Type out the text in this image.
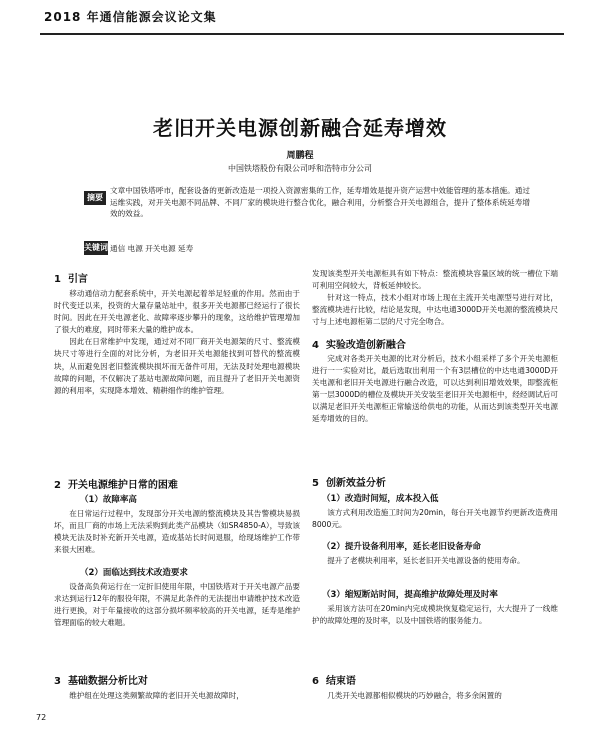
2018 年通信能源会议论文集
老旧开关电源创新融合延寿增效
周鹏程
中国铁塔股份有限公司呼和浩特市分公司
摘要
文章中国铁塔呼市，配套设备的更新改造是一项投入资源密集的工作，延寿增效是提升资产运营中效能管理的基本措施。通过运维实践，对开关电源不同品牌、不同厂家的模块进行整合优化，融合利用，分析整合开关电源组合，提升了整体系统延寿增效的效益。
关键词 通信 电源 开关电源 延寿
1 引言

移动通信动力配套系统中，开关电源起着举足轻重的作用。然而由于时代变迁以来，投资的大量存量站址中，很多开关电源都已经运行了很长时间。因此在开关电源老化、故障率逐步攀升的现象，这给维护管理增加了很大的难度，同时带来大量的维护成本。

因此在日常维护中发现，通过对不同厂商开关电源架的尺寸、整流模块尺寸等进行全面的对比分析，为老旧开关电源能找到可替代的整流模块，从而避免因老旧整流模块损坏而无备件可用，无法及时处理电源模块故障的问题，不仅解决了基站电源故障问题，而且提升了老旧开关电源资源的利用率，实现降本增效、精耕细作的维护管理。

2 开关电源维护日常的困难
（1）故障率高

在日常运行过程中，发现部分开关电源的整流模块及其告警模块易损坏，而且厂商的市场上无法采购到此类产品模块（如SR4850-A），导致该模块无法及时补充新开关电源，造成基站长时间退服，给现场维护工作带来很大困难。

（2）面临达到技术改造要求

设备高负荷运行在一定折旧使用年限，中国铁塔对于开关电源产品要求达到运行12年的服役年限，不满足此条件的无法提出申请维护技术改造进行更换，对于年量接收的这部分损坏频率较高的开关电源，延寿是维护管理面临的较大难题。

3 基础数据分析比对

维护组在处理这类频繁故障的老旧开关电源故障时，

发现该类型开关电源柜具有如下特点：整流模块容量区域的统一槽位下端可利用空间较大，背板延伸较长。

针对这一特点，技术小组对市场上现在主流开关电源型号进行对比，整流模块进行比较，结论是发现，中达电通3000D开关电源的整流模块尺寸与上述电源柜第二层的尺寸完全吻合。

4 实验改造创新融合

完成对各类开关电源的比对分析后，技术小组采样了多个开关电源柜进行一一实验对比，最后选取出利用一个有3层槽位的中达电通3000D开关电源和老旧开关电源进行融合改造，可以达到利旧增效效果，即整流柜第一层3000D的槽位及模块开关安装至老旧开关电源柜中，经经调试后可以满足老旧开关电源柜正常输送给供电的功能，从而达到该类型开关电源延寿增效的目的。

5 创新效益分析
（1）改造时间短，成本投入低

该方式利用改造施工时间为20min，每台开关电源节约更新改造费用8000元。

（2）提升设备利用率，延长老旧设备寿命

提升了老模块利用率，延长老旧开关电源设备的使用寿命。

（3）缩短断站时间，提高维护故障处理及时率

采用该方法可在20min内完成模块恢复稳定运行，大大提升了一线维护的故障处理的及时率，以及中国铁塔的服务能力。

6 结束语

几类开关电源都相似模块的巧妙融合，将多余闲置的

72
